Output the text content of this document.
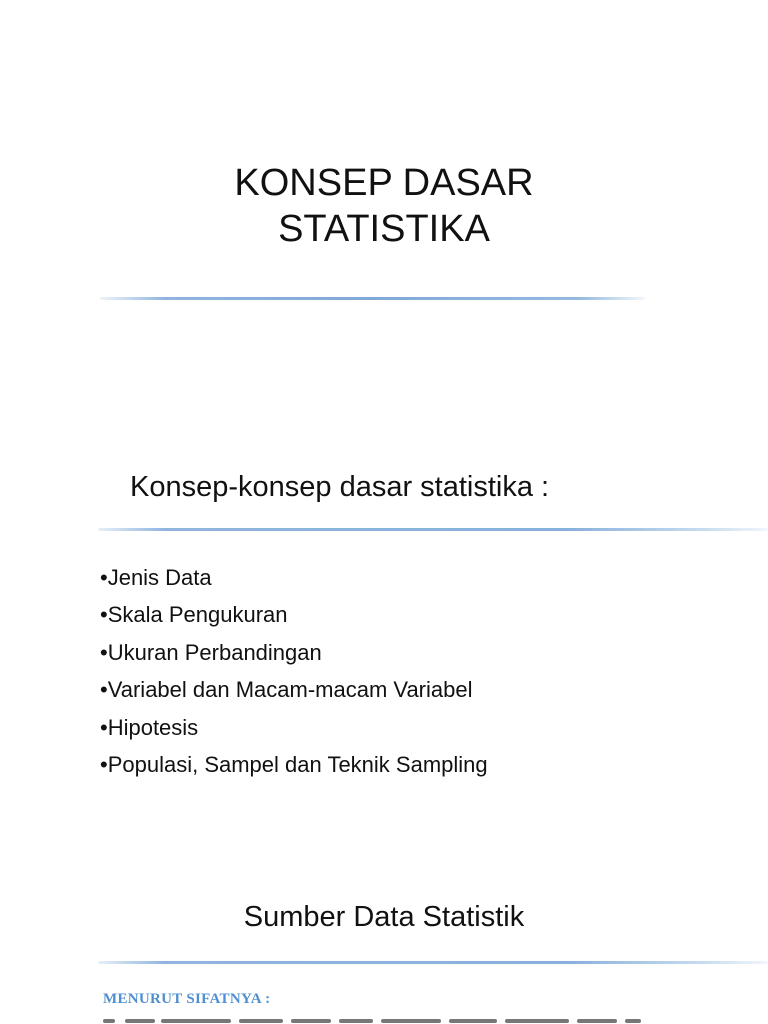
KONSEP DASAR
STATISTIKA
Konsep-konsep dasar statistika :
•Jenis Data
•Skala Pengukuran
•Ukuran Perbandingan
•Variabel dan Macam-macam Variabel
•Hipotesis
•Populasi, Sampel dan Teknik Sampling
Sumber Data Statistik
MENURUT SIFATNYA :
